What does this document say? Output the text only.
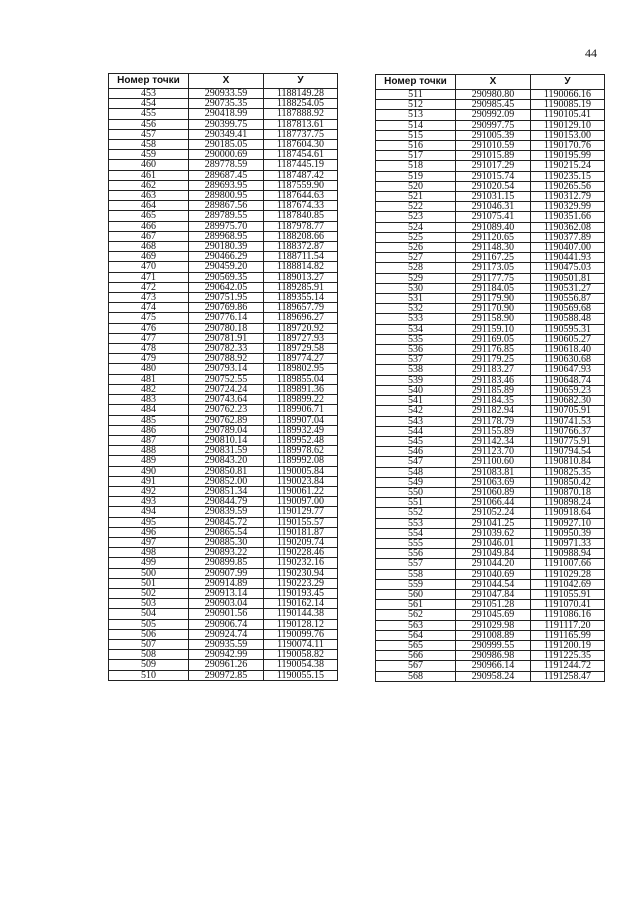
44
Номер точки	X	У
453	290933.59	1188149.28
454	290735.35	1188254.05
455	290418.99	1187888.92
456	290399.75	1187813.61
457	290349.41	1187737.75
458	290185.05	1187604.30
459	290000.69	1187454.61
460	289778.59	1187445.19
461	289687.45	1187487.42
462	289693.95	1187559.90
463	289800.95	1187644.63
464	289867.56	1187674.33
465	289789.55	1187840.85
466	289975.70	1187978.77
467	289968.95	1188208.66
468	290180.39	1188372.87
469	290466.29	1188711.54
470	290459.20	1188814.82
471	290569.35	1189013.27
472	290642.05	1189285.91
473	290751.95	1189355.14
474	290769.86	1189657.79
475	290776.14	1189696.27
476	290780.18	1189720.92
477	290781.91	1189727.93
478	290782.33	1189729.58
479	290788.92	1189774.27
480	290793.14	1189802.95
481	290752.55	1189855.04
482	290724.24	1189891.36
483	290743.64	1189899.22
484	290762.23	1189906.71
485	290762.89	1189907.04
486	290789.04	1189932.49
487	290810.14	1189952.48
488	290831.59	1189978.62
489	290843.20	1189992.08
490	290850.81	1190005.84
491	290852.00	1190023.84
492	290851.34	1190061.22
493	290844.79	1190097.00
494	290839.59	1190129.77
495	290845.72	1190155.57
496	290865.54	1190181.87
497	290885.30	1190209.74
498	290893.22	1190228.46
499	290899.85	1190232.16
500	290907.99	1190230.94
501	290914.89	1190223.29
502	290913.14	1190193.45
503	290903.04	1190162.14
504	290901.56	1190144.38
505	290906.74	1190128.12
506	290924.74	1190099.76
507	290935.59	1190074.11
508	290942.99	1190058.82
509	290961.26	1190054.38
510	290972.85	1190055.15
Номер точки	X	У
511	290980.80	1190066.16
512	290985.45	1190085.19
513	290992.09	1190105.41
514	290997.75	1190129.10
515	291005.39	1190153.00
516	291010.59	1190170.76
517	291015.89	1190195.99
518	291017.29	1190215.24
519	291015.74	1190235.15
520	291020.54	1190265.56
521	291031.15	1190312.79
522	291046.31	1190329.99
523	291075.41	1190351.66
524	291089.40	1190362.08
525	291120.65	1190377.89
526	291148.30	1190407.00
527	291167.25	1190441.93
528	291173.05	1190475.03
529	291177.75	1190501.81
530	291184.05	1190531.27
531	291179.90	1190556.87
532	291170.90	1190569.68
533	291158.90	1190588.48
534	291159.10	1190595.31
535	291169.05	1190605.27
536	291176.85	1190618.40
537	291179.25	1190630.68
538	291183.27	1190647.93
539	291183.46	1190648.74
540	291185.89	1190659.23
541	291184.35	1190682.30
542	291182.94	1190705.91
543	291178.79	1190741.53
544	291155.89	1190766.37
545	291142.34	1190775.91
546	291123.70	1190794.54
547	291100.60	1190810.84
548	291083.81	1190825.35
549	291063.69	1190850.42
550	291060.89	1190870.18
551	291066.44	1190898.24
552	291052.24	1190918.64
553	291041.25	1190927.10
554	291039.62	1190950.39
555	291046.01	1190971.33
556	291049.84	1190988.94
557	291044.20	1191007.66
558	291040.69	1191029.28
559	291044.54	1191042.69
560	291047.84	1191055.91
561	291051.28	1191070.41
562	291045.69	1191086.16
563	291029.98	1191117.20
564	291008.89	1191165.99
565	290999.55	1191200.19
566	290986.98	1191225.35
567	290966.14	1191244.72
568	290958.24	1191258.47
